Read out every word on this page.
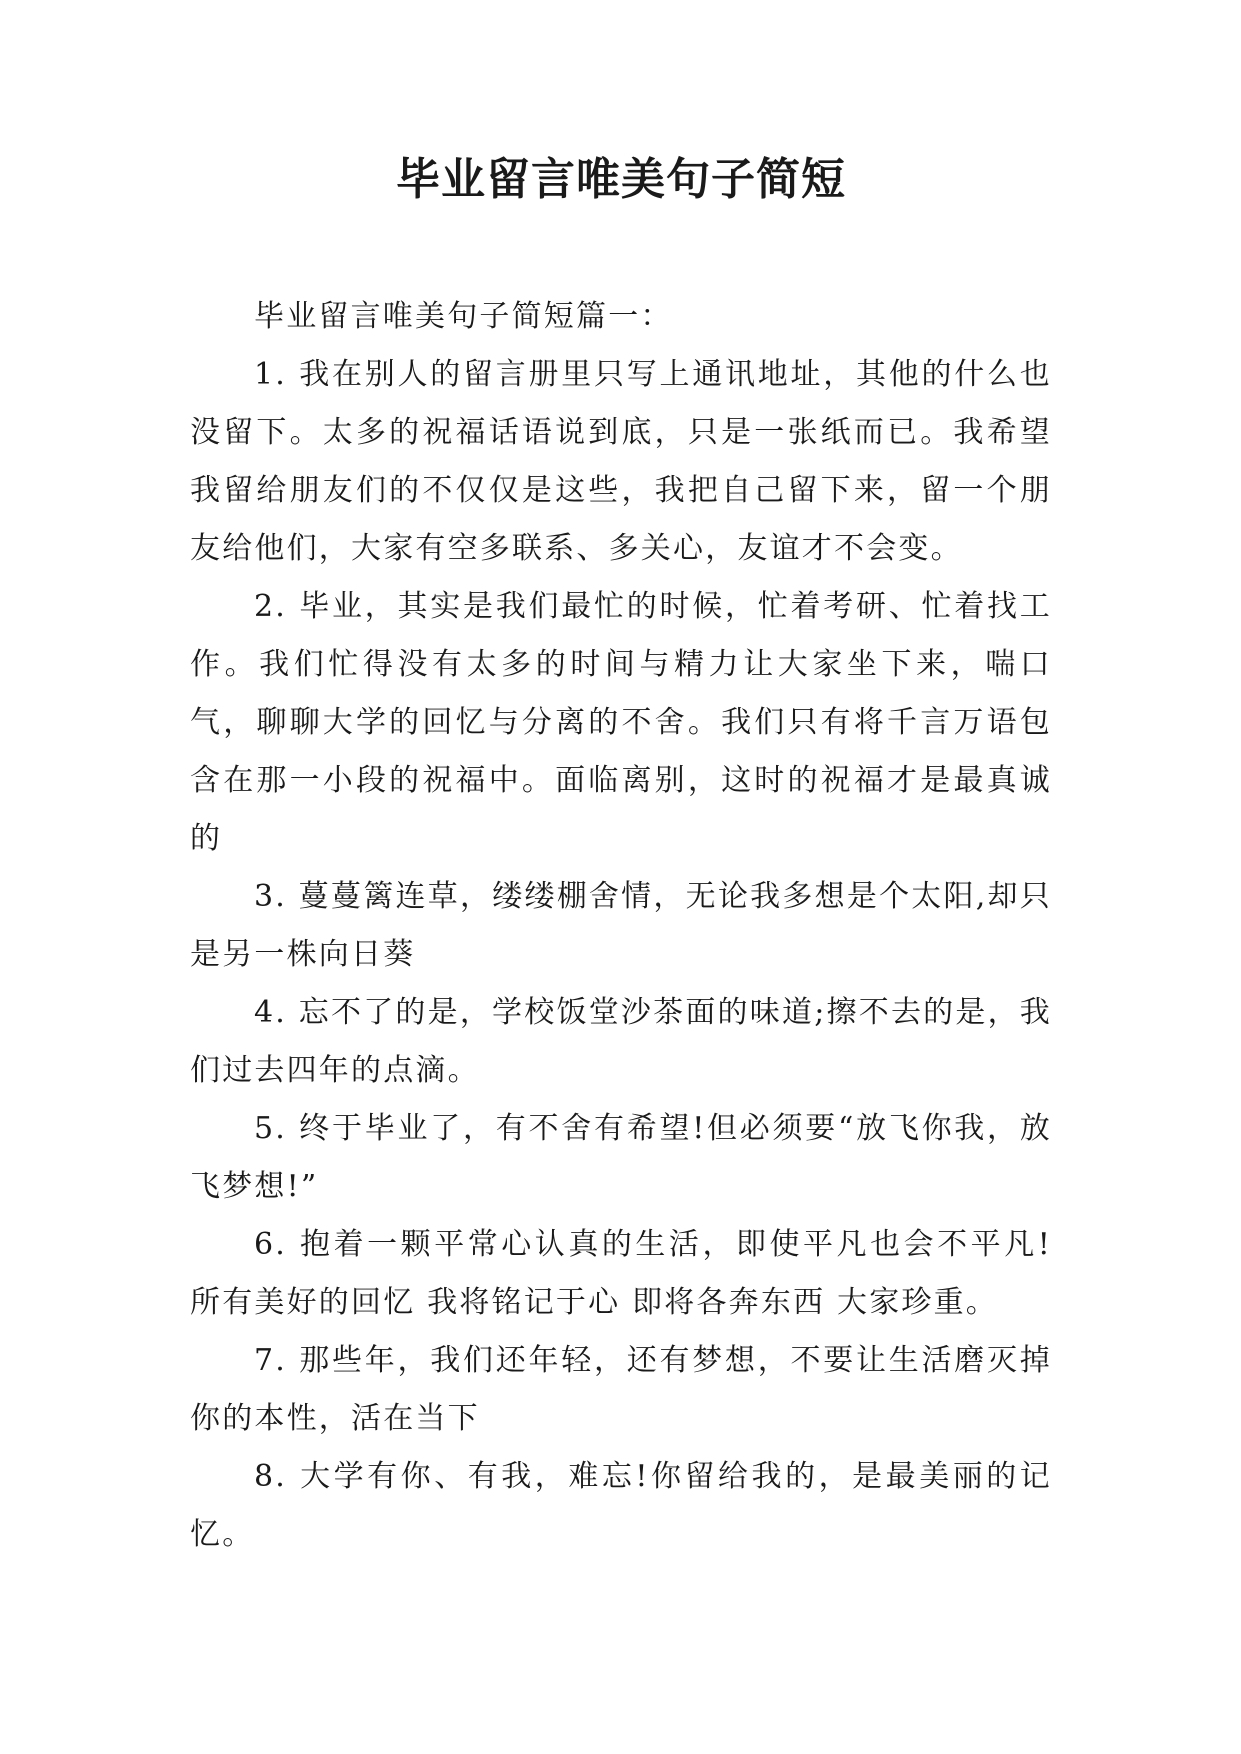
毕业留言唯美句子简短

毕业留言唯美句子简短篇一：

1. 我在别人的留言册里只写上通讯地址，其他的什么也没留下。太多的祝福话语说到底，只是一张纸而已。我希望我留给朋友们的不仅仅是这些，我把自己留下来，留一个朋友给他们，大家有空多联系、多关心，友谊才不会变。

2. 毕业，其实是我们最忙的时候，忙着考研、忙着找工作。我们忙得没有太多的时间与精力让大家坐下来，喘口气，聊聊大学的回忆与分离的不舍。我们只有将千言万语包含在那一小段的祝福中。面临离别，这时的祝福才是最真诚的

3. 蔓蔓篱连草，缕缕棚舍情，无论我多想是个太阳,却只是另一株向日葵

4. 忘不了的是，学校饭堂沙茶面的味道;擦不去的是，我们过去四年的点滴。

5. 终于毕业了，有不舍有希望!但必须要“放飞你我，放飞梦想!”

6. 抱着一颗平常心认真的生活，即使平凡也会不平凡!所有美好的回忆 我将铭记于心 即将各奔东西 大家珍重。

7. 那些年，我们还年轻，还有梦想，不要让生活磨灭掉你的本性，活在当下

8. 大学有你、有我，难忘!你留给我的，是最美丽的记忆。
